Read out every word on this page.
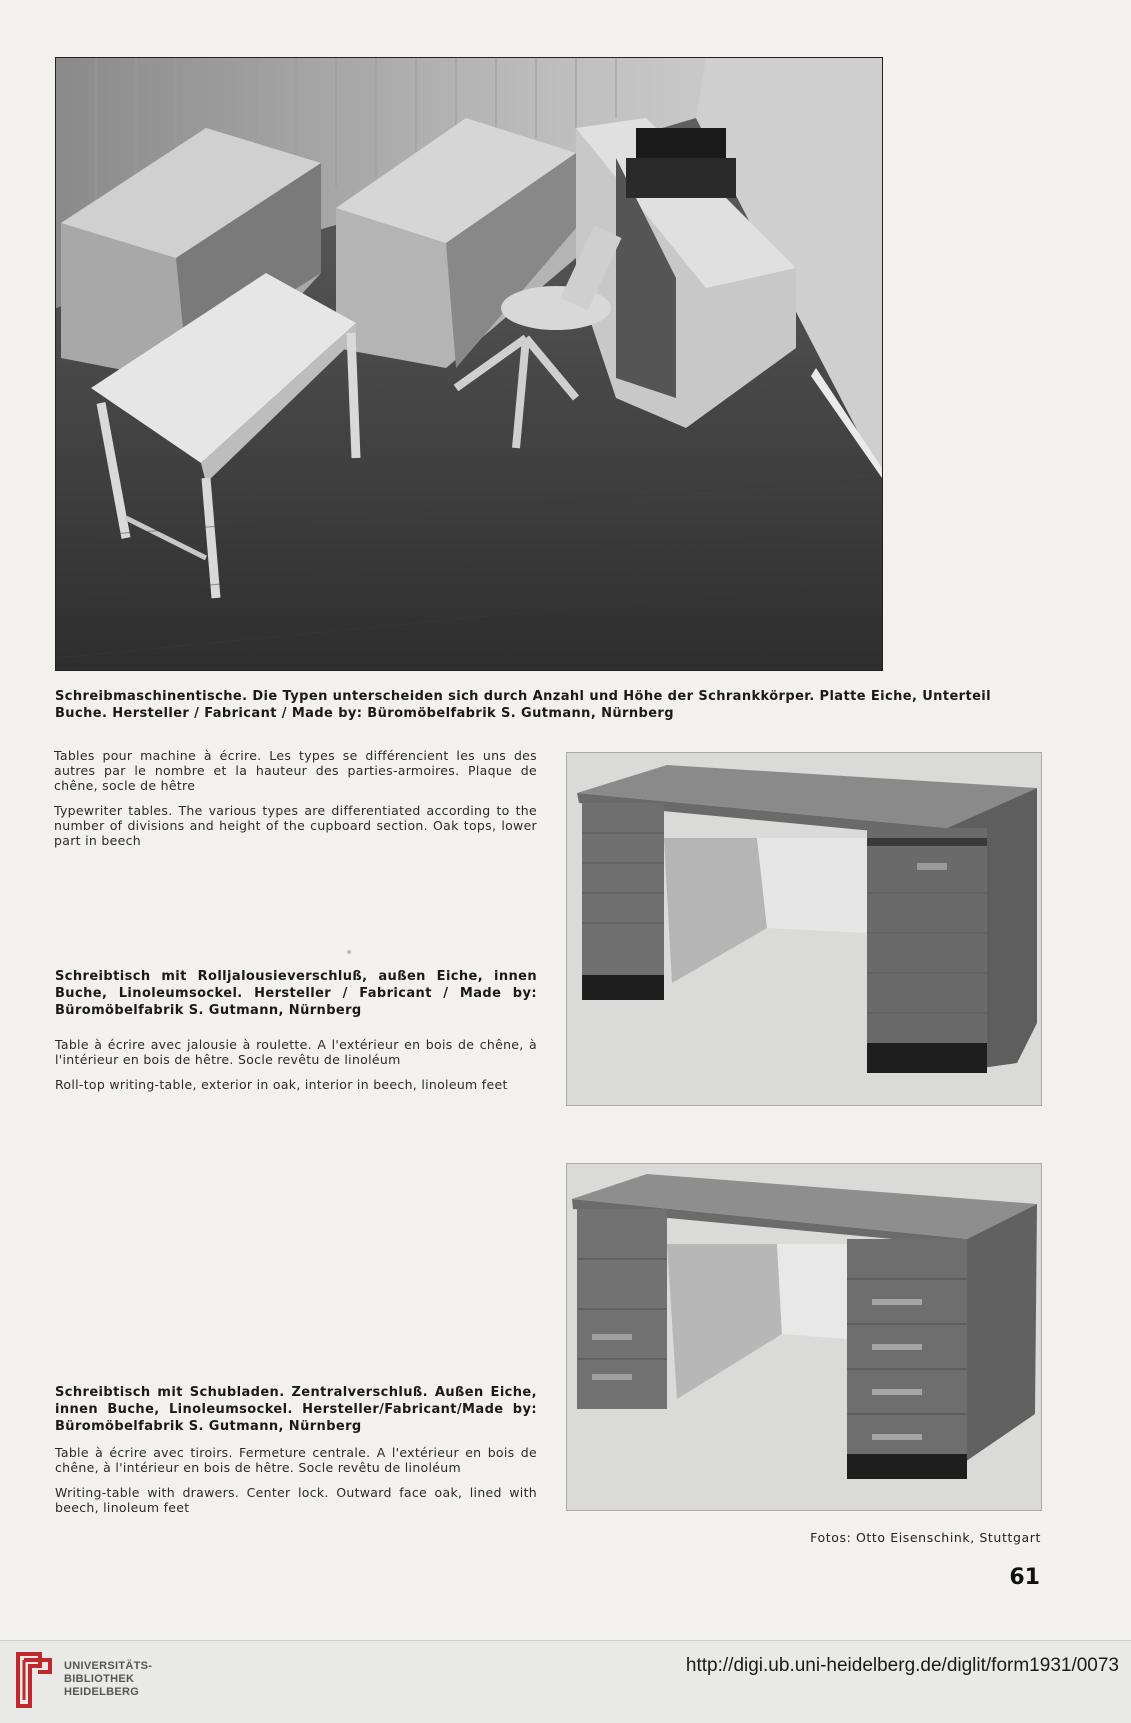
Schreibmaschinentische. Die Typen unterscheiden sich durch Anzahl und Höhe der Schrankkörper. Platte Eiche, Unterteil Buche. Hersteller / Fabricant / Made by: Büromöbelfabrik S. Gutmann, Nürnberg

Tables pour machine à écrire. Les types se différencient les uns des autres par le nombre et la hauteur des parties-armoires. Plaque de chêne, socle de hêtre

Typewriter tables. The various types are differentiated according to the number of divisions and height of the cupboard section. Oak tops, lower part in beech

Schreibtisch mit Rolljalousieverschluß, außen Eiche, innen Buche, Linoleumsockel. Hersteller / Fabricant / Made by: Büromöbelfabrik S. Gutmann, Nürnberg

Table à écrire avec jalousie à roulette. A l'extérieur en bois de chêne, à l'intérieur en bois de hêtre. Socle revêtu de linoléum

Roll-top writing-table, exterior in oak, interior in beech, linoleum feet

Schreibtisch mit Schubladen. Zentralverschluß. Außen Eiche, innen Buche, Linoleumsockel. Hersteller/Fabricant/Made by: Büromöbelfabrik S. Gutmann, Nürnberg

Table à écrire avec tiroirs. Fermeture centrale. A l'extérieur en bois de chêne, à l'intérieur en bois de hêtre. Socle revêtu de linoléum

Writing-table with drawers. Center lock. Outward face oak, lined with beech, linoleum feet

Fotos: Otto Eisenschink, Stuttgart
61
UNIVERSITÄTS-
BIBLIOTHEK
HEIDELBERG
http://digi.ub.uni-heidelberg.de/diglit/form1931/0073
